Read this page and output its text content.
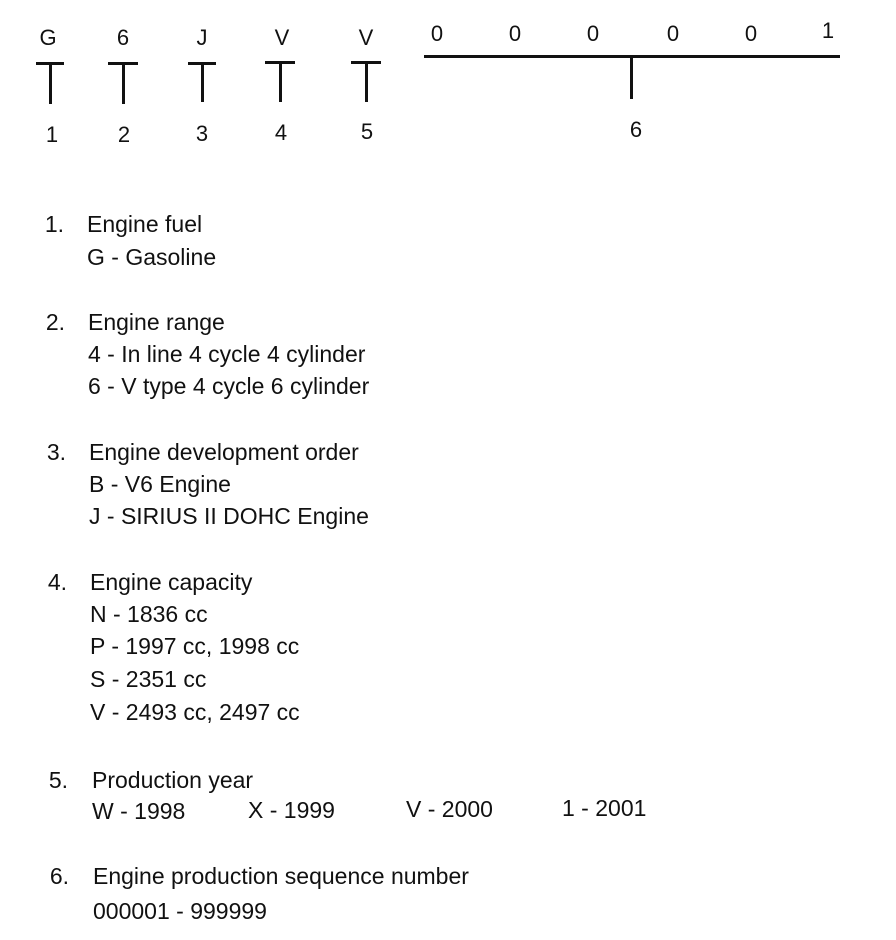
G	6	J	V	V	0	0	0	0	0	1
1	2	3	4	5	6
1. Engine fuel
G - Gasoline
2. Engine range
4 - In line 4 cycle 4 cylinder
6 - V type 4 cycle 6 cylinder
3. Engine development order
B - V6 Engine
J - SIRIUS II DOHC Engine
4. Engine capacity
N - 1836 cc
P - 1997 cc, 1998 cc
S - 2351 cc
V - 2493 cc, 2497 cc
5. Production year
W - 1998	X - 1999	V - 2000	1 - 2001
6. Engine production sequence number
000001 - 999999
